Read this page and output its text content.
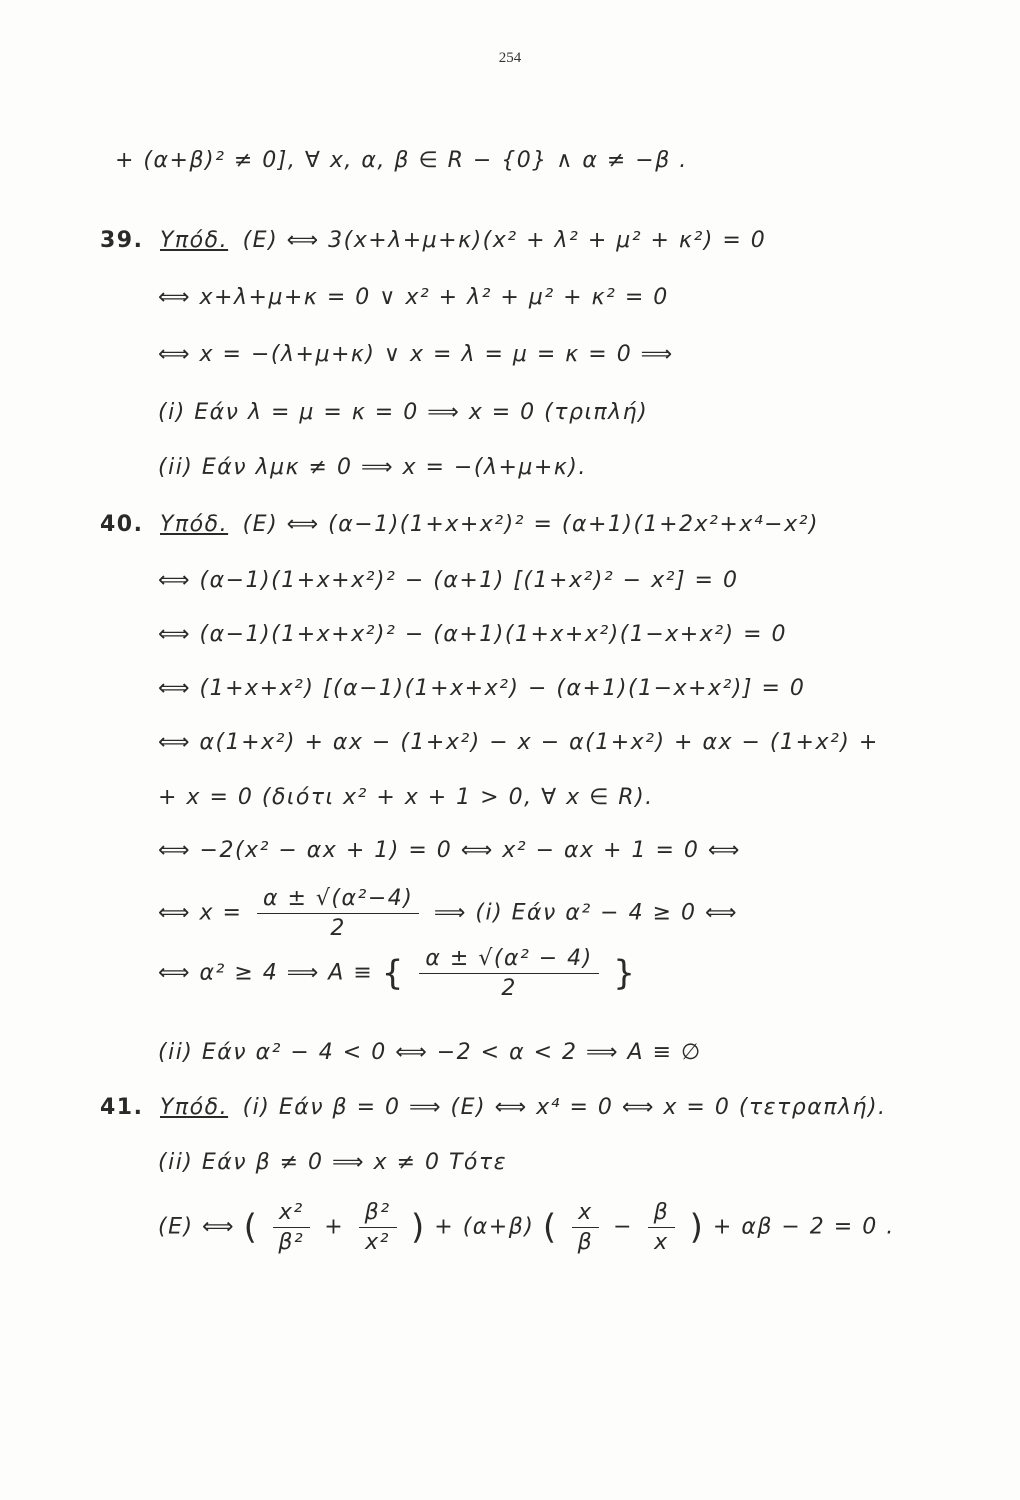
254
+ (α+β)² ≠ 0], ∀ x, α, β ∈ R − {0} ∧ α ≠ −β .
39. Υπόδ. (E) ⟺ 3(x+λ+μ+κ)(x² + λ² + μ² + κ²) = 0
⟺ x+λ+μ+κ = 0 ∨ x² + λ² + μ² + κ² = 0
⟺ x = −(λ+μ+κ) ∨ x = λ = μ = κ = 0 ⟹
(i) Εάν λ = μ = κ = 0 ⟹ x = 0 (τριπλή)
(ii) Εάν λμκ ≠ 0 ⟹ x = −(λ+μ+κ).
40. Υπόδ. (E) ⟺ (α−1)(1+x+x²)² = (α+1)(1+2x²+x⁴−x²)
⟺ (α−1)(1+x+x²)² − (α+1) [(1+x²)² − x²] = 0
⟺ (α−1)(1+x+x²)² − (α+1)(1+x+x²)(1−x+x²) = 0
⟺ (1+x+x²) [(α−1)(1+x+x²) − (α+1)(1−x+x²)] = 0
⟺ α(1+x²) + αx − (1+x²) − x − α(1+x²) + αx − (1+x²) +
+ x = 0 (διότι x² + x + 1 > 0, ∀ x ∈ R).
⟺ −2(x² − αx + 1) = 0 ⟺ x² − αx + 1 = 0 ⟺
⟺ $x = \frac{\text{α ± √(α²−4)}}{2}$ ⟹ (i) Εάν α² − 4 ≥ 0 ⟺
⟺ α² ≥ 4 ⟹ A ≡ { $\frac{\text{α ± √(α² − 4)}}{2}$ }
(ii) Εάν α² − 4 < 0 ⟺ −2 < α < 2 ⟹ A ≡ ∅
41. Υπόδ. (i) Εάν β = 0 ⟹ (E) ⟺ x⁴ = 0 ⟺ x = 0 (τετραπλή).
(ii) Εάν β ≠ 0 ⟹ x ≠ 0 Τότε
(E) ⟺ ( $\frac{\text{x²}}{\text{β²}} + \frac{\text{β²}}{\text{x²}}$ ) + (α+β) ( $\frac{x}{\beta} - \frac{\beta}{x}$ ) + αβ − 2 = 0 .
